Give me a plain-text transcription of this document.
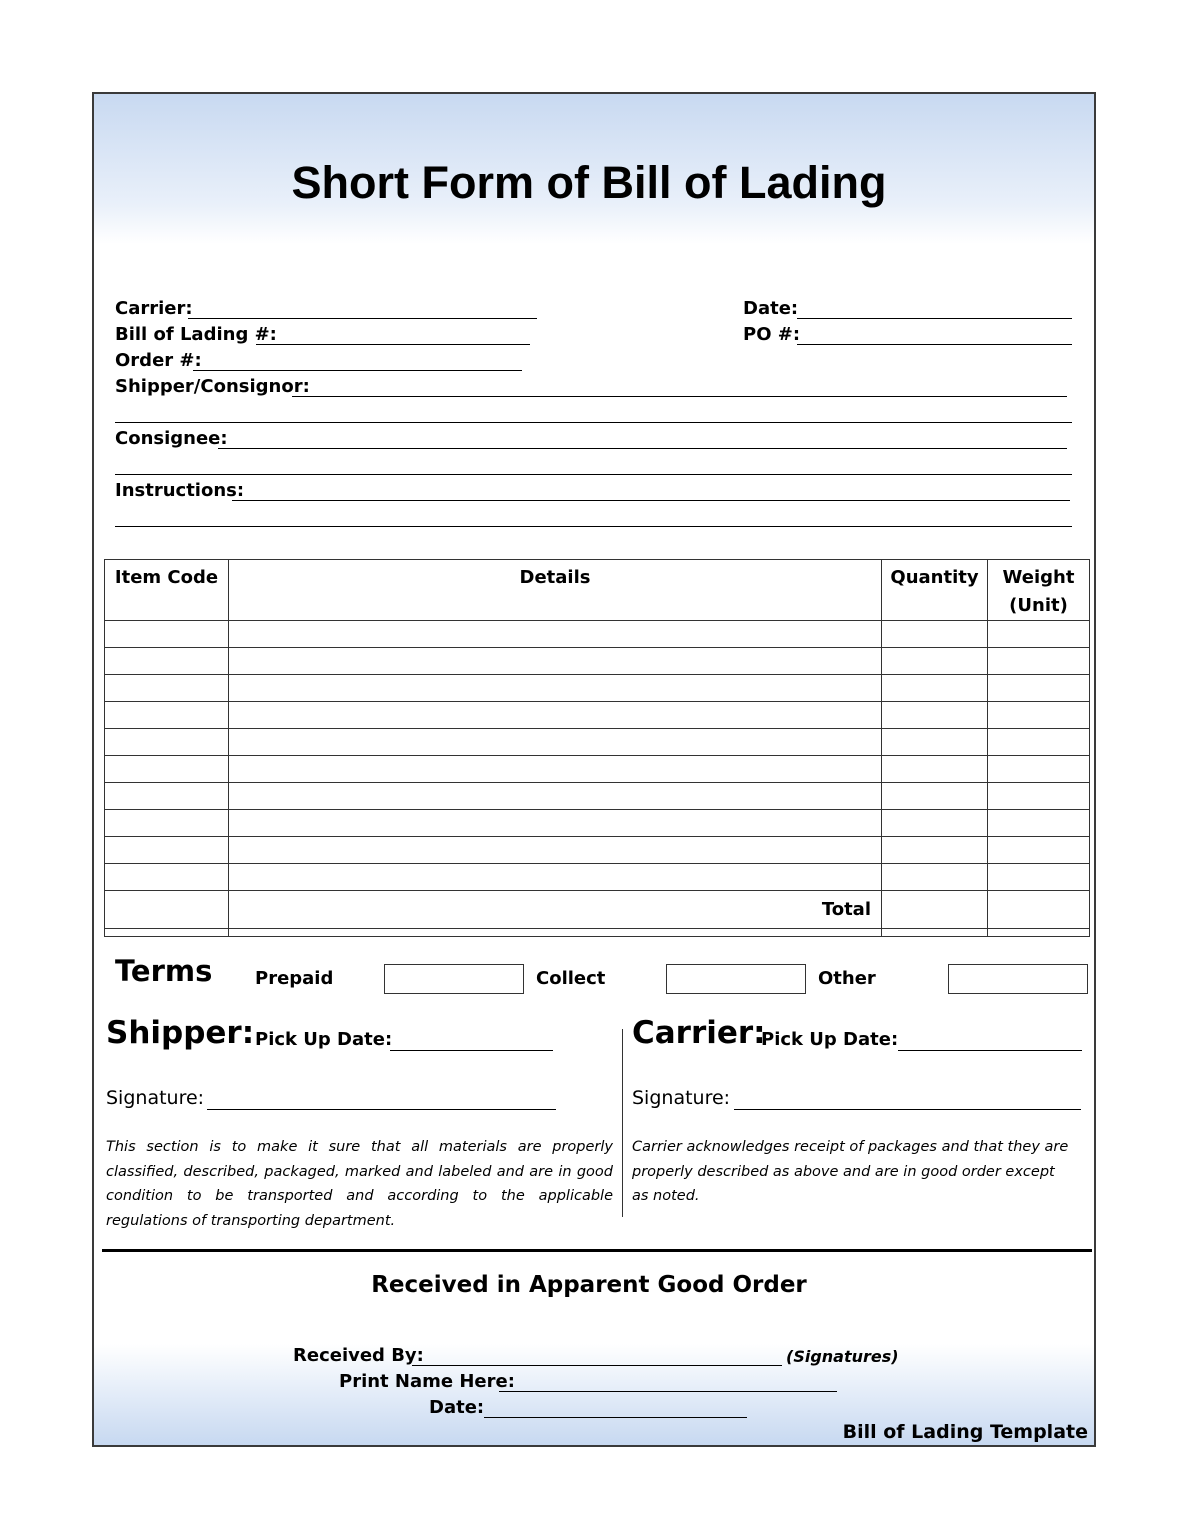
Short Form of Bill of Lading
Carrier:	Date:
Bill of Lading #:	PO #:
Order #:
Shipper/Consignor:
Consignee:
Instructions:
Item Code	Details	Quantity	Weight
(Unit)

	Total		

Terms Prepaid	Collect	Other
Shipper: Pick Up Date:
Signature:
This section is to make it sure that all materials are properly classified, described, packaged, marked and labeled and are in good condition to be transported and according to the applicable regulations of transporting department.
Carrier:
Pick Up Date:
Signature:
Carrier acknowledges receipt of packages and that they are properly described as above and are in good order except as noted.
Received in Apparent Good Order
Received By:	(Signatures)
Print Name Here:
Date:
Bill of Lading Template
